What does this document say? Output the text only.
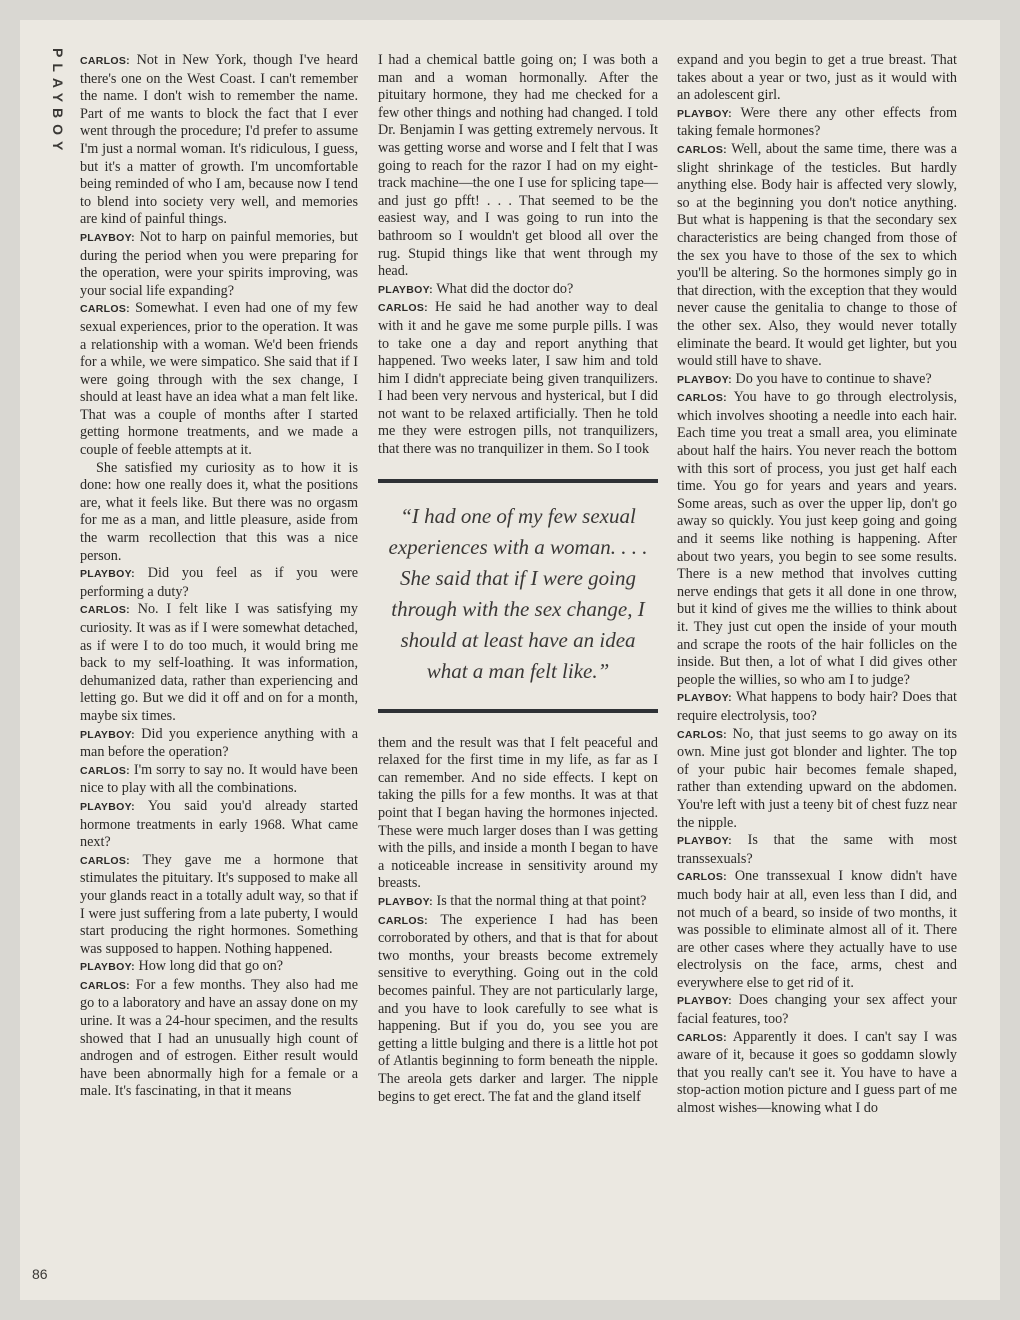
PLAYBOY
86

CARLOS: Not in New York, though I've heard there's one on the West Coast. I can't remember the name. I don't wish to remember the name. Part of me wants to block the fact that I ever went through the procedure; I'd prefer to assume I'm just a normal woman. It's ridiculous, I guess, but it's a matter of growth. I'm uncomfortable being reminded of who I am, because now I tend to blend into society very well, and memories are kind of painful things.

PLAYBOY: Not to harp on painful memories, but during the period when you were preparing for the operation, were your spirits improving, was your social life expanding?

CARLOS: Somewhat. I even had one of my few sexual experiences, prior to the operation. It was a relationship with a woman. We'd been friends for a while, we were simpatico. She said that if I were going through with the sex change, I should at least have an idea what a man felt like. That was a couple of months after I started getting hormone treatments, and we made a couple of feeble attempts at it.

She satisfied my curiosity as to how it is done: how one really does it, what the positions are, what it feels like. But there was no orgasm for me as a man, and little pleasure, aside from the warm recollection that this was a nice person.

PLAYBOY: Did you feel as if you were performing a duty?

CARLOS: No. I felt like I was satisfying my curiosity. It was as if I were somewhat detached, as if were I to do too much, it would bring me back to my self-loathing. It was information, dehumanized data, rather than experiencing and letting go. But we did it off and on for a month, maybe six times.

PLAYBOY: Did you experience anything with a man before the operation?

CARLOS: I'm sorry to say no. It would have been nice to play with all the combinations.

PLAYBOY: You said you'd already started hormone treatments in early 1968. What came next?

CARLOS: They gave me a hormone that stimulates the pituitary. It's supposed to make all your glands react in a totally adult way, so that if I were just suffering from a late puberty, I would start producing the right hormones. Something was supposed to happen. Nothing happened.

PLAYBOY: How long did that go on?

CARLOS: For a few months. They also had me go to a laboratory and have an assay done on my urine. It was a 24-hour specimen, and the results showed that I had an unusually high count of androgen and of estrogen. Either result would have been abnormally high for a female or a male. It's fascinating, in that it means

I had a chemical battle going on; I was both a man and a woman hormonally. After the pituitary hormone, they had me checked for a few other things and nothing had changed. I told Dr. Benjamin I was getting extremely nervous. It was getting worse and worse and I felt that I was going to reach for the razor I had on my eight-track machine—the one I use for splicing tape—and just go pfft! . . . That seemed to be the easiest way, and I was going to run into the bathroom so I wouldn't get blood all over the rug. Stupid things like that went through my head.

PLAYBOY: What did the doctor do?

CARLOS: He said he had another way to deal with it and he gave me some purple pills. I was to take one a day and report anything that happened. Two weeks later, I saw him and told him I didn't appreciate being given tranquilizers. I had been very nervous and hysterical, but I did not want to be relaxed artificially. Then he told me they were estrogen pills, not tranquilizers, that there was no tranquilizer in them. So I took

“I had one of my few sexual experiences with a woman. . . . She said that if I were going through with the sex change, I should at least have an idea what a man felt like.”

them and the result was that I felt peaceful and relaxed for the first time in my life, as far as I can remember. And no side effects. I kept on taking the pills for a few months. It was at that point that I began having the hormones injected. These were much larger doses than I was getting with the pills, and inside a month I began to have a noticeable increase in sensitivity around my breasts.

PLAYBOY: Is that the normal thing at that point?

CARLOS: The experience I had has been corroborated by others, and that is that for about two months, your breasts become extremely sensitive to everything. Going out in the cold becomes painful. They are not particularly large, and you have to look carefully to see what is happening. But if you do, you see you are getting a little bulging and there is a little hot pot of Atlantis beginning to form beneath the nipple. The areola gets darker and larger. The nipple begins to get erect. The fat and the gland itself

expand and you begin to get a true breast. That takes about a year or two, just as it would with an adolescent girl.

PLAYBOY: Were there any other effects from taking female hormones?

CARLOS: Well, about the same time, there was a slight shrinkage of the testicles. But hardly anything else. Body hair is affected very slowly, so at the beginning you don't notice anything. But what is happening is that the secondary sex characteristics are being changed from those of the sex you have to those of the sex to which you'll be altering. So the hormones simply go in that direction, with the exception that they would never cause the genitalia to change to those of the other sex. Also, they would never totally eliminate the beard. It would get lighter, but you would still have to shave.

PLAYBOY: Do you have to continue to shave?

CARLOS: You have to go through electrolysis, which involves shooting a needle into each hair. Each time you treat a small area, you eliminate about half the hairs. You never reach the bottom with this sort of process, you just get half each time. You go for years and years and years. Some areas, such as over the upper lip, don't go away so quickly. You just keep going and going and it seems like nothing is happening. After about two years, you begin to see some results. There is a new method that involves cutting nerve endings that gets it all done in one throw, but it kind of gives me the willies to think about it. They just cut open the inside of your mouth and scrape the roots of the hair follicles on the inside. But then, a lot of what I did gives other people the willies, so who am I to judge?

PLAYBOY: What happens to body hair? Does that require electrolysis, too?

CARLOS: No, that just seems to go away on its own. Mine just got blonder and lighter. The top of your pubic hair becomes female shaped, rather than extending upward on the abdomen. You're left with just a teeny bit of chest fuzz near the nipple.

PLAYBOY: Is that the same with most transsexuals?

CARLOS: One transsexual I know didn't have much body hair at all, even less than I did, and not much of a beard, so inside of two months, it was possible to eliminate almost all of it. There are other cases where they actually have to use electrolysis on the face, arms, chest and everywhere else to get rid of it.

PLAYBOY: Does changing your sex affect your facial features, too?

CARLOS: Apparently it does. I can't say I was aware of it, because it goes so goddamn slowly that you really can't see it. You have to have a stop-action motion picture and I guess part of me almost wishes—knowing what I do
